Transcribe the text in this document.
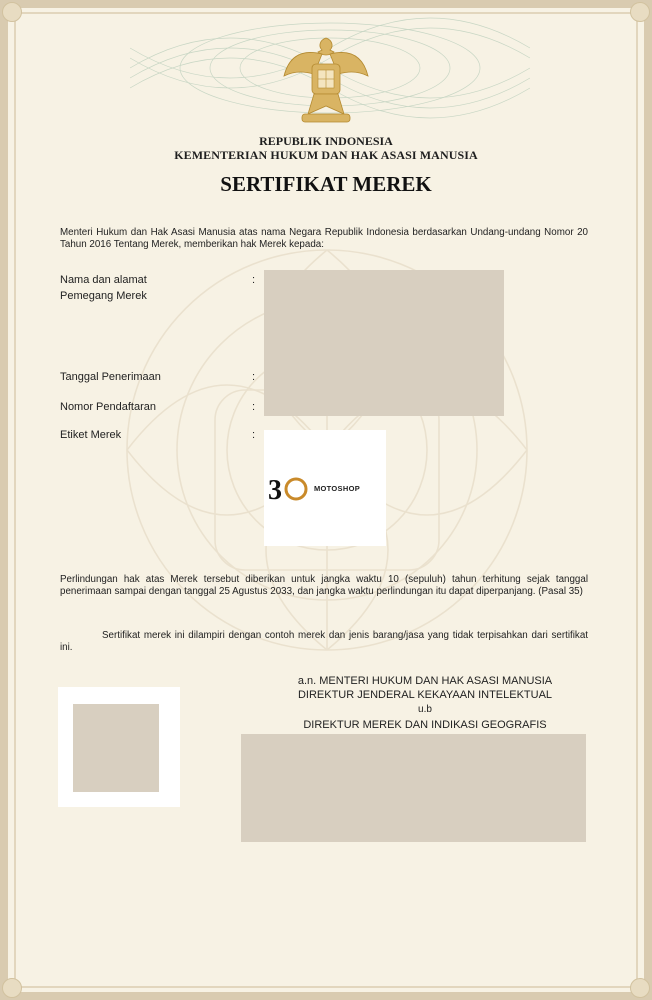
REPUBLIK INDONESIA
KEMENTERIAN HUKUM DAN HAK ASASI MANUSIA
SERTIFIKAT MEREK
Menteri Hukum dan Hak Asasi Manusia atas nama Negara Republik Indonesia berdasarkan Undang-undang Nomor 20 Tahun 2016 Tentang Merek, memberikan hak Merek kepada:
Nama dan alamat
Pemegang Merek
:
Tanggal Penerimaan	:
Nomor Pendaftaran	:
Etiket Merek	:
3	MOTOSHOP
Perlindungan hak atas Merek tersebut diberikan untuk jangka waktu 10 (sepuluh) tahun terhitung sejak tanggal penerimaan sampai dengan tanggal 25 Agustus 2033, dan jangka waktu perlindungan itu dapat diperpanjang. (Pasal 35)
Sertifikat merek ini dilampiri dengan contoh merek dan jenis barang/jasa yang tidak terpisahkan dari sertifikat ini.
a.n. MENTERI HUKUM DAN HAK ASASI MANUSIA
DIREKTUR JENDERAL KEKAYAAN INTELEKTUAL
u.b
DIREKTUR MEREK DAN INDIKASI GEOGRAFIS
